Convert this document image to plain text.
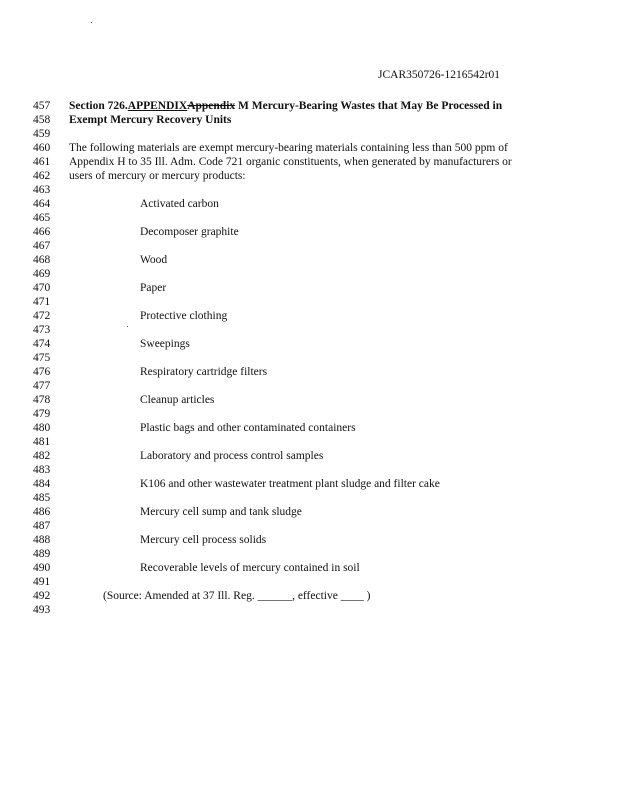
JCAR350726-1216542r01
457
458
459
460
461
462
463
464
465
466
467
468
469
470
471
472
473
474
475
476
477
478
479
480
481
482
483
484
485
486
487
488
489
490
491
492
493
Section 726.APPENDIXAppendix M Mercury-Bearing Wastes that May Be Processed in
Exempt Mercury Recovery Units
The following materials are exempt mercury-bearing materials containing less than 500 ppm of
Appendix H to 35 Ill. Adm. Code 721 organic constituents, when generated by manufacturers or
users of mercury or mercury products:
Activated carbon
Decomposer graphite
Wood
Paper
Protective clothing
Sweepings
Respiratory cartridge filters
Cleanup articles
Plastic bags and other contaminated containers
Laboratory and process control samples
K106 and other wastewater treatment plant sludge and filter cake
Mercury cell sump and tank sludge
Mercury cell process solids
Recoverable levels of mercury contained in soil
(Source: Amended at 37 Ill. Reg. ______, effective ____ )
